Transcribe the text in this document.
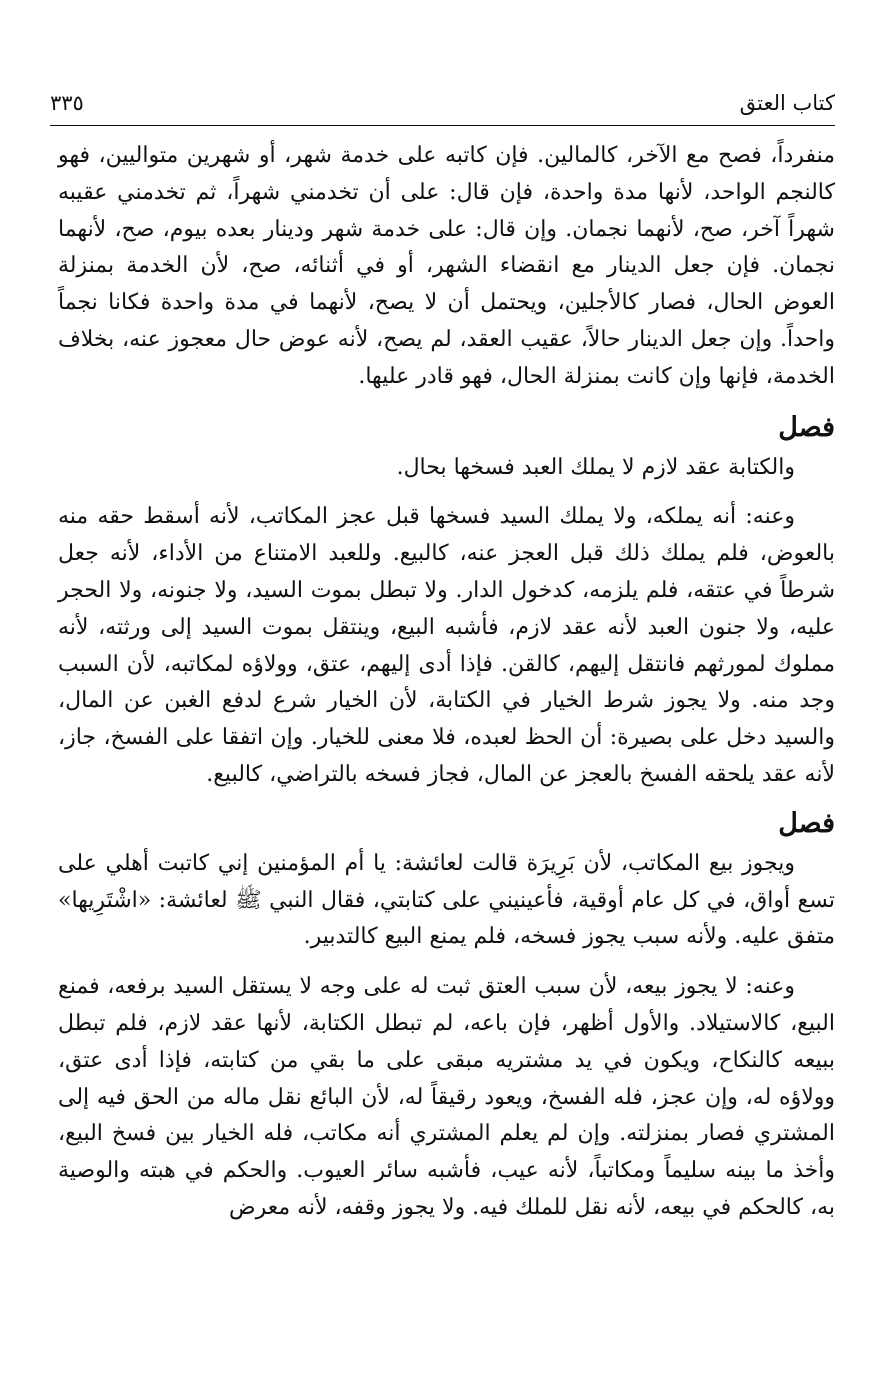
كتاب العتق
٣٣٥

منفرداً، فصح مع الآخر، كالمالين. فإن كاتبه على خدمة شهر، أو شهرين متواليين، فهو كالنجم الواحد، لأنها مدة واحدة، فإن قال: على أن تخدمني شهراً، ثم تخدمني عقيبه شهراً آخر، صح، لأنهما نجمان. وإن قال: على خدمة شهر ودينار بعده بيوم، صح، لأنهما نجمان. فإن جعل الدينار مع انقضاء الشهر، أو في أثنائه، صح، لأن الخدمة بمنزلة العوض الحال، فصار كالأجلين، ويحتمل أن لا يصح، لأنهما في مدة واحدة فكانا نجماً واحداً. وإن جعل الدينار حالاً، عقيب العقد، لم يصح، لأنه عوض حال معجوز عنه، بخلاف الخدمة، فإنها وإن كانت بمنزلة الحال، فهو قادر عليها.

فصل

والكتابة عقد لازم لا يملك العبد فسخها بحال.

وعنه: أنه يملكه، ولا يملك السيد فسخها قبل عجز المكاتب، لأنه أسقط حقه منه بالعوض، فلم يملك ذلك قبل العجز عنه، كالبيع. وللعبد الامتناع من الأداء، لأنه جعل شرطاً في عتقه، فلم يلزمه، كدخول الدار. ولا تبطل بموت السيد، ولا جنونه، ولا الحجر عليه، ولا جنون العبد لأنه عقد لازم، فأشبه البيع، وينتقل بموت السيد إلى ورثته، لأنه مملوك لمورثهم فانتقل إليهم، كالقن. فإذا أدى إليهم، عتق، وولاؤه لمكاتبه، لأن السبب وجد منه. ولا يجوز شرط الخيار في الكتابة، لأن الخيار شرع لدفع الغبن عن المال، والسيد دخل على بصيرة: أن الحظ لعبده، فلا معنى للخيار. وإن اتفقا على الفسخ، جاز، لأنه عقد يلحقه الفسخ بالعجز عن المال، فجاز فسخه بالتراضي، كالبيع.

فصل

ويجوز بيع المكاتب، لأن بَرِيرَة قالت لعائشة: يا أم المؤمنين إني كاتبت أهلي على تسع أواق، في كل عام أوقية، فأعينيني على كتابتي، فقال النبي ﷺ لعائشة: «اشْتَرِيها» متفق عليه. ولأنه سبب يجوز فسخه، فلم يمنع البيع كالتدبير.

وعنه: لا يجوز بيعه، لأن سبب العتق ثبت له على وجه لا يستقل السيد برفعه، فمنع البيع، كالاستيلاد. والأول أظهر، فإن باعه، لم تبطل الكتابة، لأنها عقد لازم، فلم تبطل ببيعه كالنكاح، ويكون في يد مشتريه مبقى على ما بقي من كتابته، فإذا أدى عتق، وولاؤه له، وإن عجز، فله الفسخ، ويعود رقيقاً له، لأن البائع نقل ماله من الحق فيه إلى المشتري فصار بمنزلته. وإن لم يعلم المشتري أنه مكاتب، فله الخيار بين فسخ البيع، وأخذ ما بينه سليماً ومكاتباً، لأنه عيب، فأشبه سائر العيوب. والحكم في هبته والوصية به، كالحكم في بيعه، لأنه نقل للملك فيه. ولا يجوز وقفه، لأنه معرض
